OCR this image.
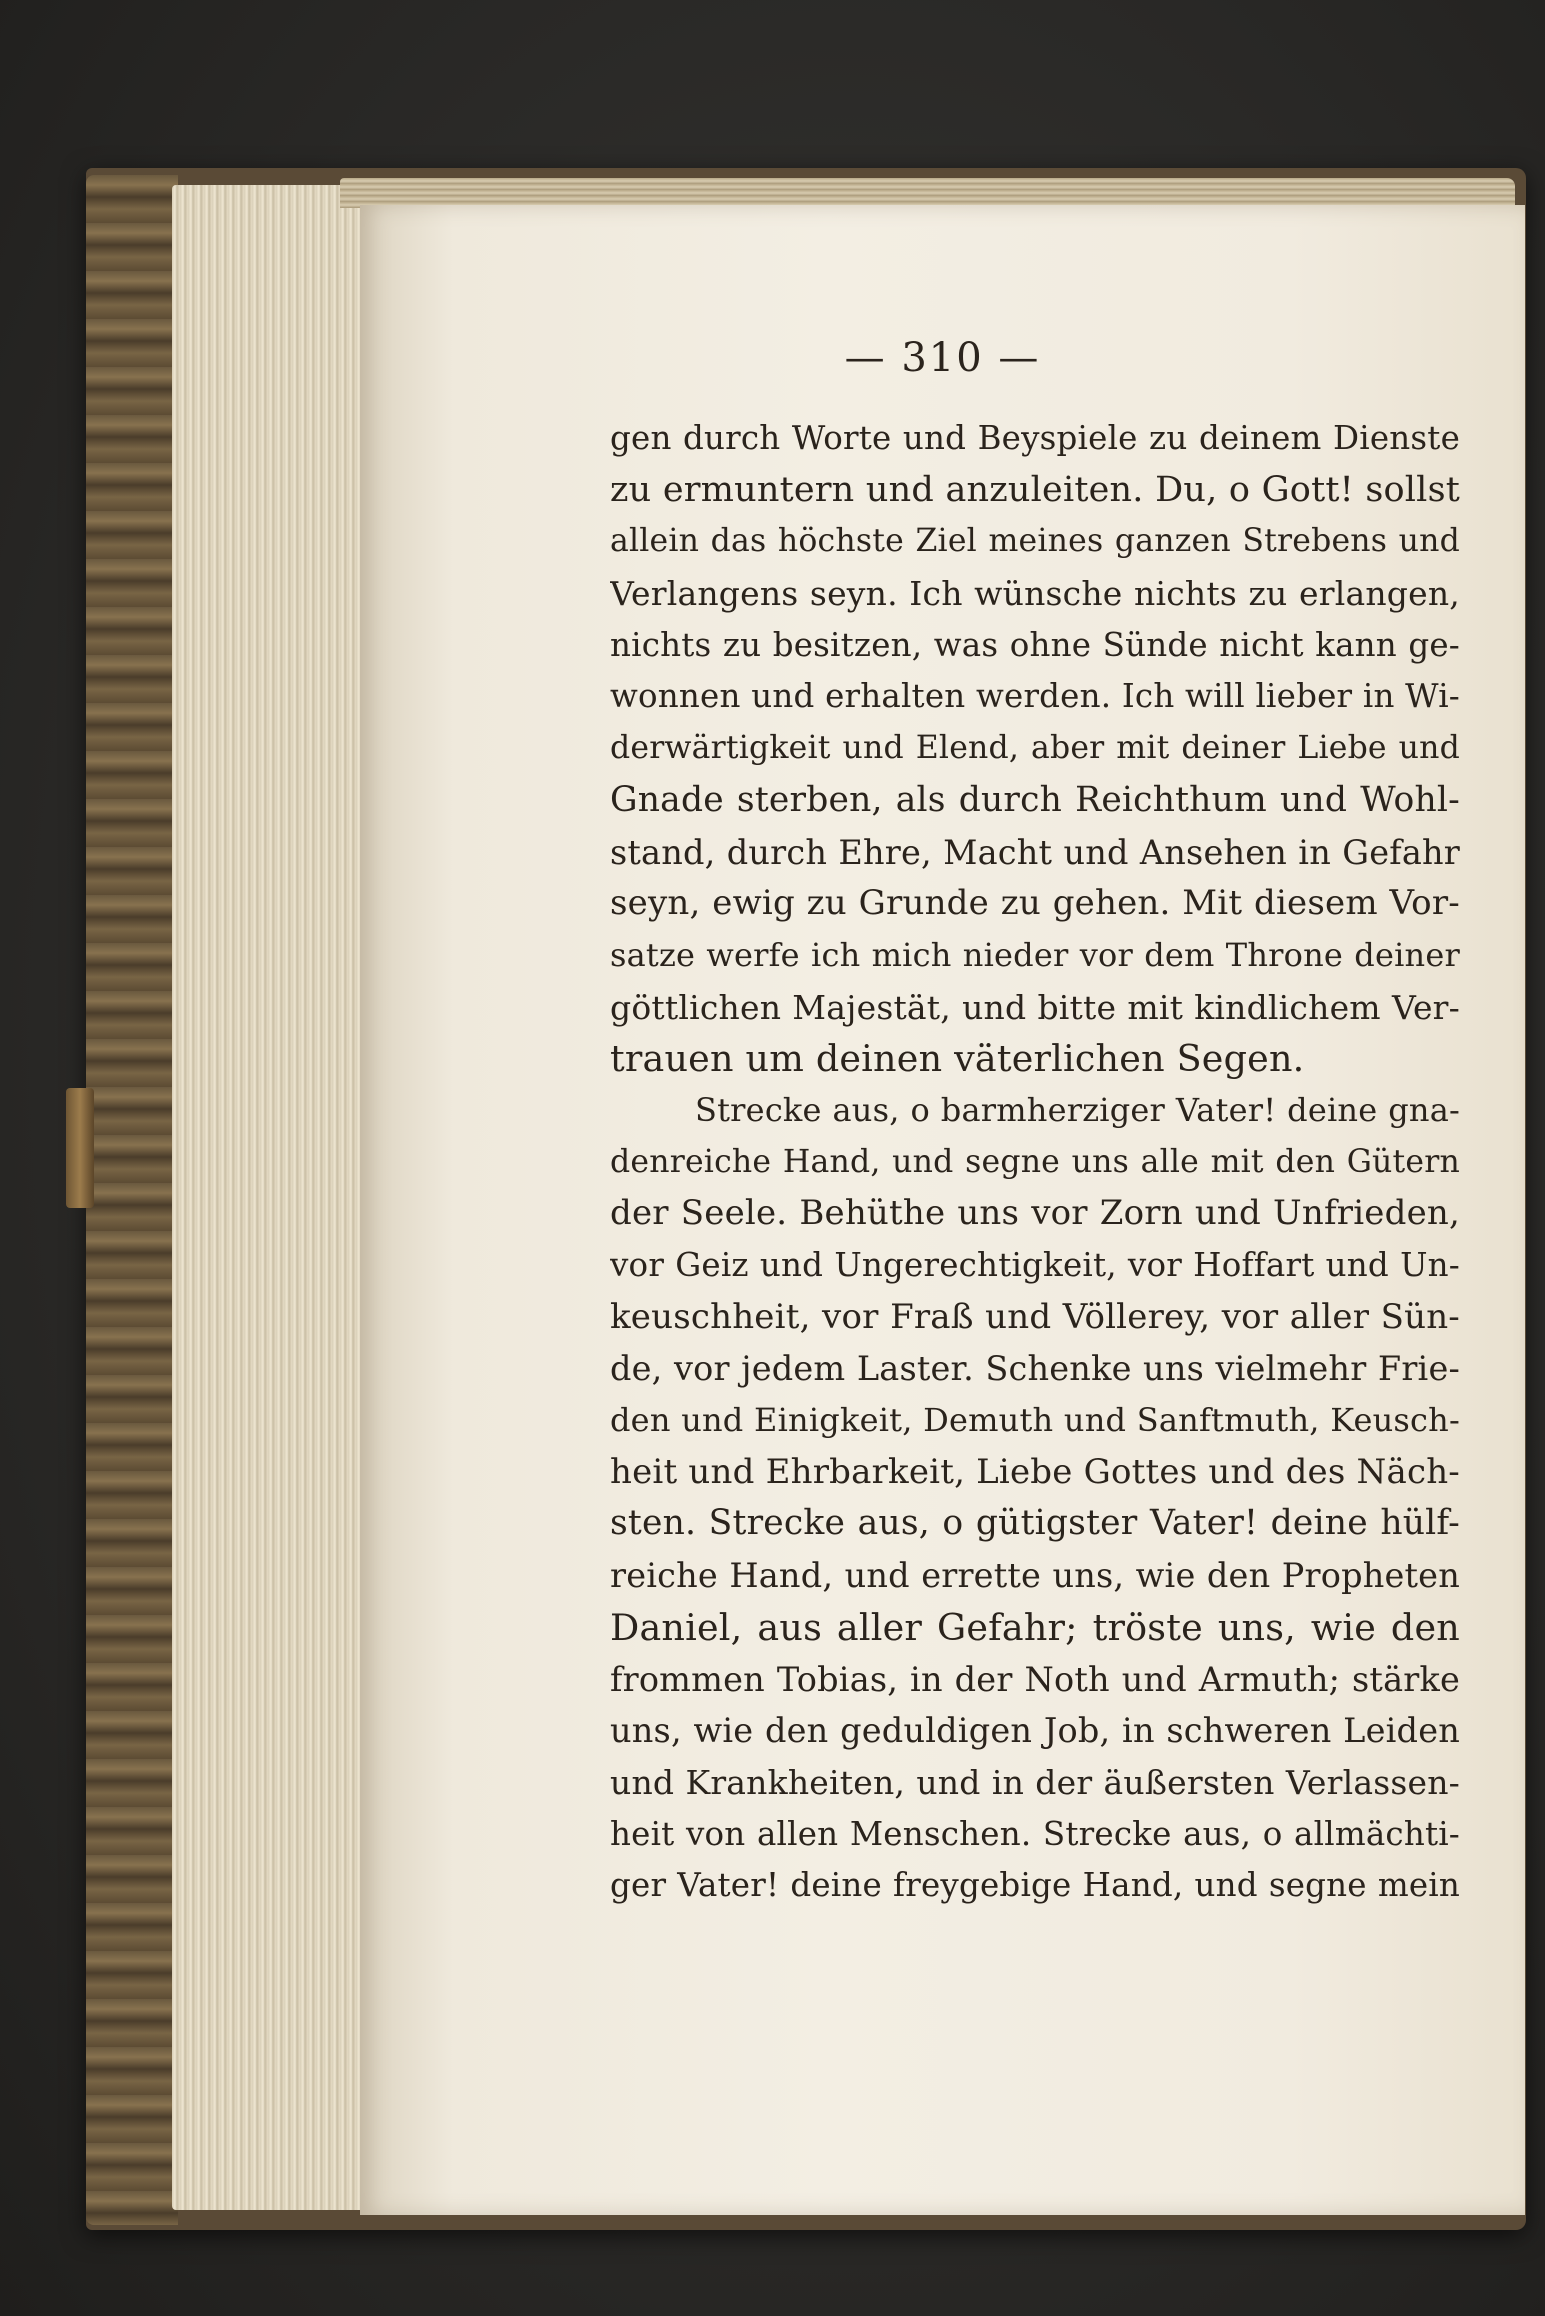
— 310 —
gen durch Worte und Beyspiele zu deinem Dienste
zu ermuntern und anzuleiten. Du, o Gott! sollst
allein das höchste Ziel meines ganzen Strebens und
Verlangens seyn. Ich wünsche nichts zu erlangen,
nichts zu besitzen, was ohne Sünde nicht kann ge-
wonnen und erhalten werden. Ich will lieber in Wi-
derwärtigkeit und Elend, aber mit deiner Liebe und
Gnade sterben, als durch Reichthum und Wohl-
stand, durch Ehre, Macht und Ansehen in Gefahr
seyn, ewig zu Grunde zu gehen. Mit diesem Vor-
satze werfe ich mich nieder vor dem Throne deiner
göttlichen Majestät, und bitte mit kindlichem Ver-
trauen um deinen väterlichen Segen.
Strecke aus, o barmherziger Vater! deine gna-
denreiche Hand, und segne uns alle mit den Gütern
der Seele. Behüthe uns vor Zorn und Unfrieden,
vor Geiz und Ungerechtigkeit, vor Hoffart und Un-
keuschheit, vor Fraß und Völlerey, vor aller Sün-
de, vor jedem Laster. Schenke uns vielmehr Frie-
den und Einigkeit, Demuth und Sanftmuth, Keusch-
heit und Ehrbarkeit, Liebe Gottes und des Näch-
sten. Strecke aus, o gütigster Vater! deine hülf-
reiche Hand, und errette uns, wie den Propheten
Daniel, aus aller Gefahr; tröste uns, wie den
frommen Tobias, in der Noth und Armuth; stärke
uns, wie den geduldigen Job, in schweren Leiden
und Krankheiten, und in der äußersten Verlassen-
heit von allen Menschen. Strecke aus, o allmächti-
ger Vater! deine freygebige Hand, und segne mein
